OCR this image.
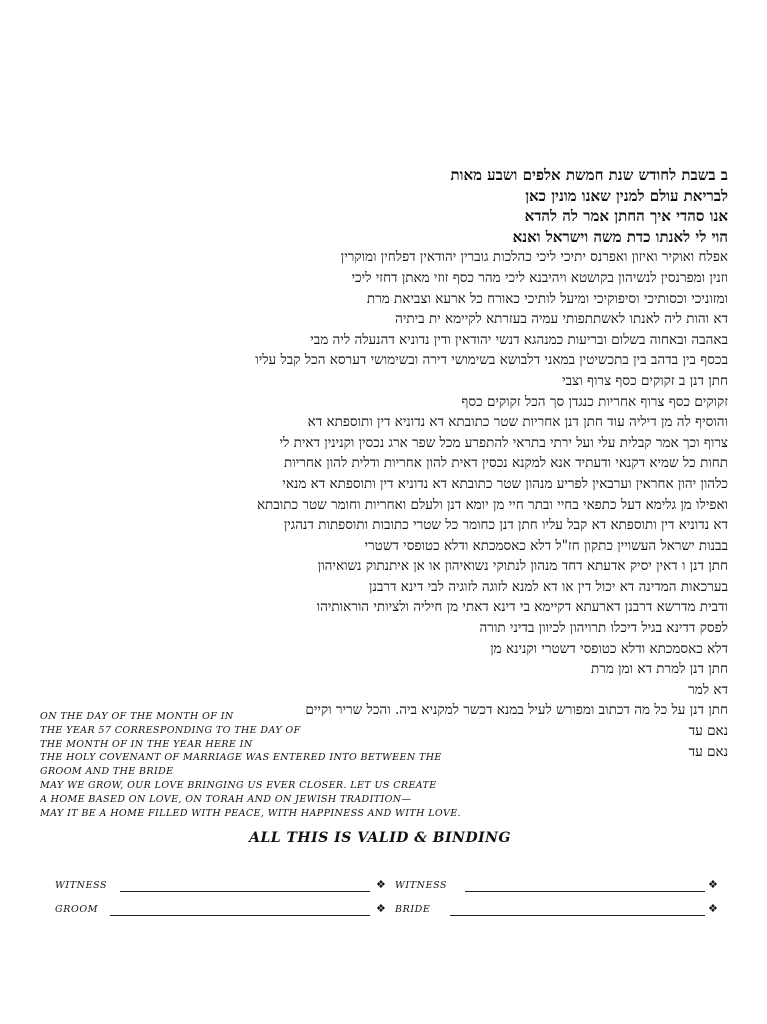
ב בשבת לחודש שנת חמשת אלפים ושבע מאות
לבריאת עולם למנין שאנו מונין כאן
אנו סהדי איך החתן אמר לה להדא
הוי לי לאנתו כדת משה וישראל ואנא
אפלח ואוקיר ואיזון ואפרנס יתיכי ליכי כהלכות גוברין יהודאין דפלחין ומוקרין
וזנין ומפרנסין לנשיהון בקושטא ויהיבנא ליכי מהר כסף זוזי מאתן דחזי ליכי
ומזוניכי וכסותיכי וסיפוקיכי ומיעל לותיכי כאורח כל ארעא וצביאת מרת
דא והות ליה לאנתו לאשתתפותי עמיה בעזרתא לקיימא ית ביתיה
באהבה ובאחוה בשלום ובריעות כמנהגא דנשי יהודאין ודין נדוניא דהנעלה ליה מבי
בכסף בין בדהב בין בתכשיטין במאני דלבושא בשימושי דירה ובשימושי דערסא הכל קבל עליו
חתן דנן ב זקוקים כסף צרוף וצבי
זקוקים כסף צרוף אחריות כנגדן סך הכל זקוקים כסף
והוסיף לה מן דיליה עוד חתן דנן אחריות שטר כתובתא דא נדוניא דין ותוספתא דא
צרוף וכך אמר קבלית עלי ועל ירתי בתראי להתפרע מכל שפר ארג נכסין וקנינין דאית לי
תחות כל שמיא דקנאי ודעתיד אנא למקנא נכסין דאית להון אחריות ודלית להון אחריות
כלהון יהון אחראין וערבאין לפריע מנהון שטר כתובתא דא נדוניא דין ותוספתא דא מנאי
ואפילו מן גלימא דעל כתפאי בחיי ובתר חיי מן יומא דנן ולעלם ואחריות וחומר שטר כתובתא
דא נדוניא דין ותוספתא דא קבל עליו חתן דנן כחומר כל שטרי כתובות ותוספתות דנהגין
בבנות ישראל העשויין כתקון חז"ל דלא כאסמכתא ודלא כטופסי דשטרי
חתן דנן ו דאין יסיק אדעתא דחד מנהון לנתוקי נשואיהון או אן איתנתוק נשואיהון
בערכאות המדינה דא יכול דין או דא למנא לזוגה לזוגיה לבי דינא דרבנן
ודבית מדרשא דרבנן דארעתא דקיימא בי דינא דאתי מן חיליה ולציותי הוראותיהו
לפסק דדינא בגיל דיכלו תרויהון לכיוון בדיני תורה
דלא כאסמכתא ודלא כטופסי דשטרי וקנינא מן
חתן דנן למרת דא ומן מרת
דא למר
חתן דנן על כל מה דכתוב ומפורש לעיל במנא דכשר למקניא ביה. והכל שריר וקיים
נאם עד
נאם עד
ON THE DAY OF THE MONTH OF IN
THE YEAR 57 CORRESPONDING TO THE DAY OF
THE MONTH OF IN THE YEAR HERE IN
THE HOLY COVENANT OF MARRIAGE WAS ENTERED INTO BETWEEN THE
GROOM AND THE BRIDE
MAY WE GROW, OUR LOVE BRINGING US EVER CLOSER. LET US CREATE
A HOME BASED ON LOVE, ON TORAH AND ON JEWISH TRADITION—
MAY IT BE A HOME FILLED WITH PEACE, WITH HAPPINESS AND WITH LOVE.
ALL THIS IS VALID & BINDING
WITNESS	❖ WITNESS	❖
GROOM	❖ BRIDE	❖
